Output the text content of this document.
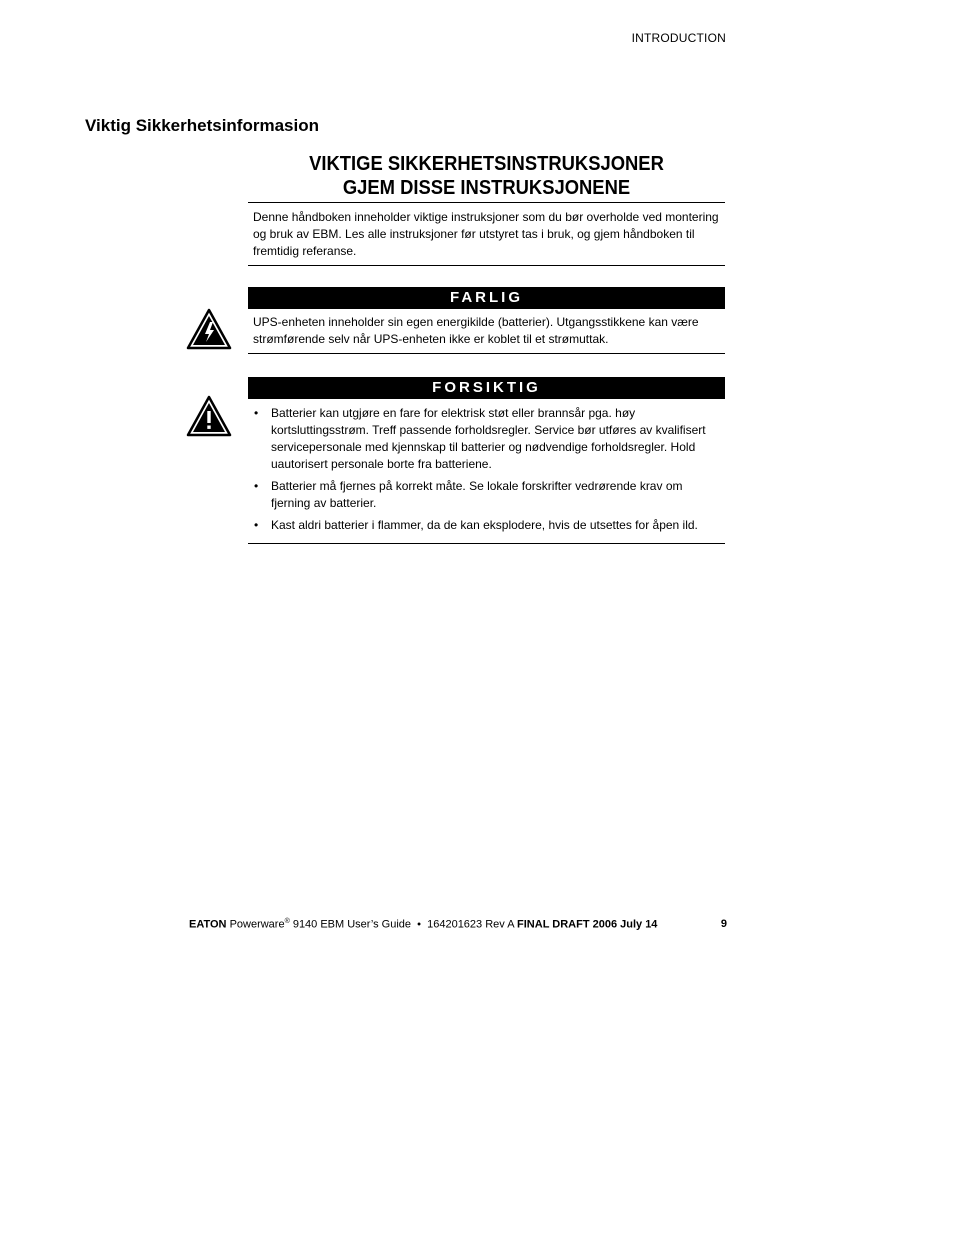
INTRODUCTION
Viktig Sikkerhetsinformasion
VIKTIGE SIKKERHETSINSTRUKSJONER
GJEM DISSE INSTRUKSJONENE
Denne håndboken inneholder viktige instruksjoner som du bør overholde ved montering og bruk av EBM. Les alle instruksjoner før utstyret tas i bruk, og gjem håndboken til fremtidig referanse.
FARLIG
UPS-enheten inneholder sin egen energikilde (batterier). Utgangsstikkene kan være strømførende selv når UPS-enheten ikke er koblet til et strømuttak.
FORSIKTIG
• Batterier kan utgjøre en fare for elektrisk støt eller brannsår pga. høy kortsluttingsstrøm. Treff passende forholdsregler. Service bør utføres av kvalifisert servicepersonale med kjennskap til batterier og nødvendige forholdsregler. Hold uautorisert personale borte fra batteriene.
• Batterier må fjernes på korrekt måte. Se lokale forskrifter vedrørende krav om fjerning av batterier.
• Kast aldri batterier i flammer, da de kan eksplodere, hvis de utsettes for åpen ild.
EATON Powerware® 9140 EBM User’s Guide  •  164201623 Rev A FINAL DRAFT 2006 July 14	9
